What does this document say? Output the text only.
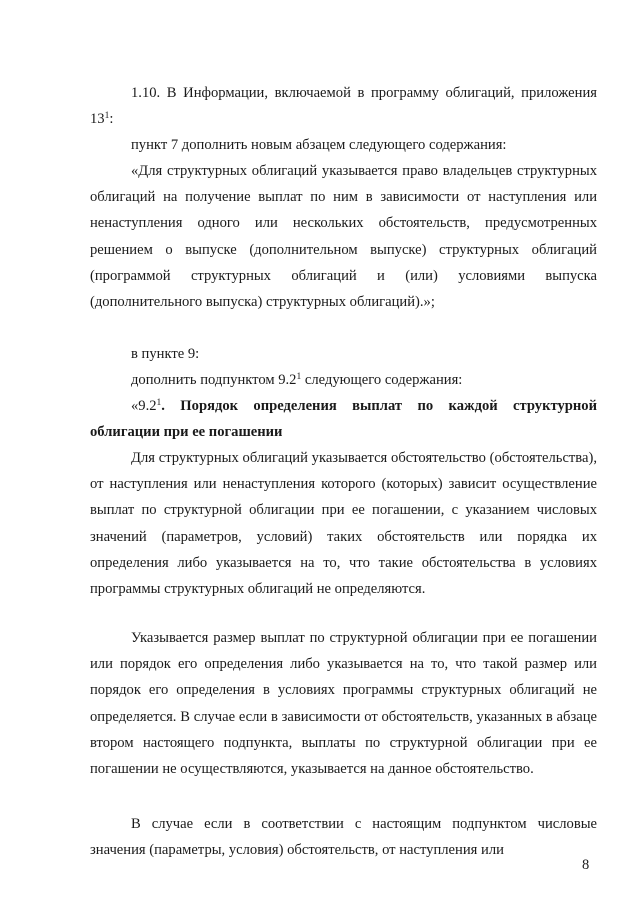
1.10. В Информации, включаемой в программу облигаций, приложения $13^1$:

пункт 7 дополнить новым абзацем следующего содержания:

«Для структурных облигаций указывается право владельцев структурных облигаций на получение выплат по ним в зависимости от наступления или ненаступления одного или нескольких обстоятельств, предусмотренных решением о выпуске (дополнительном выпуске) структурных облигаций (программой структурных облигаций и (или) условиями выпуска (дополнительного выпуска) структурных облигаций).»;

в пункте 9:

дополнить подпунктом $9.2^1$ следующего содержания:

«$9.2^1$. Порядок определения выплат по каждой структурной облигации при ее погашении

Для структурных облигаций указывается обстоятельство (обстоятельства), от наступления или ненаступления которого (которых) зависит осуществление выплат по структурной облигации при ее погашении, с указанием числовых значений (параметров, условий) таких обстоятельств или порядка их определения либо указывается на то, что такие обстоятельства в условиях программы структурных облигаций не определяются.

Указывается размер выплат по структурной облигации при ее погашении или порядок его определения либо указывается на то, что такой размер или порядок его определения в условиях программы структурных облигаций не определяется. В случае если в зависимости от обстоятельств, указанных в абзаце втором настоящего подпункта, выплаты по структурной облигации при ее погашении не осуществляются, указывается на данное обстоятельство.

В случае если в соответствии с настоящим подпунктом числовые значения (параметры, условия) обстоятельств, от наступления или

8
